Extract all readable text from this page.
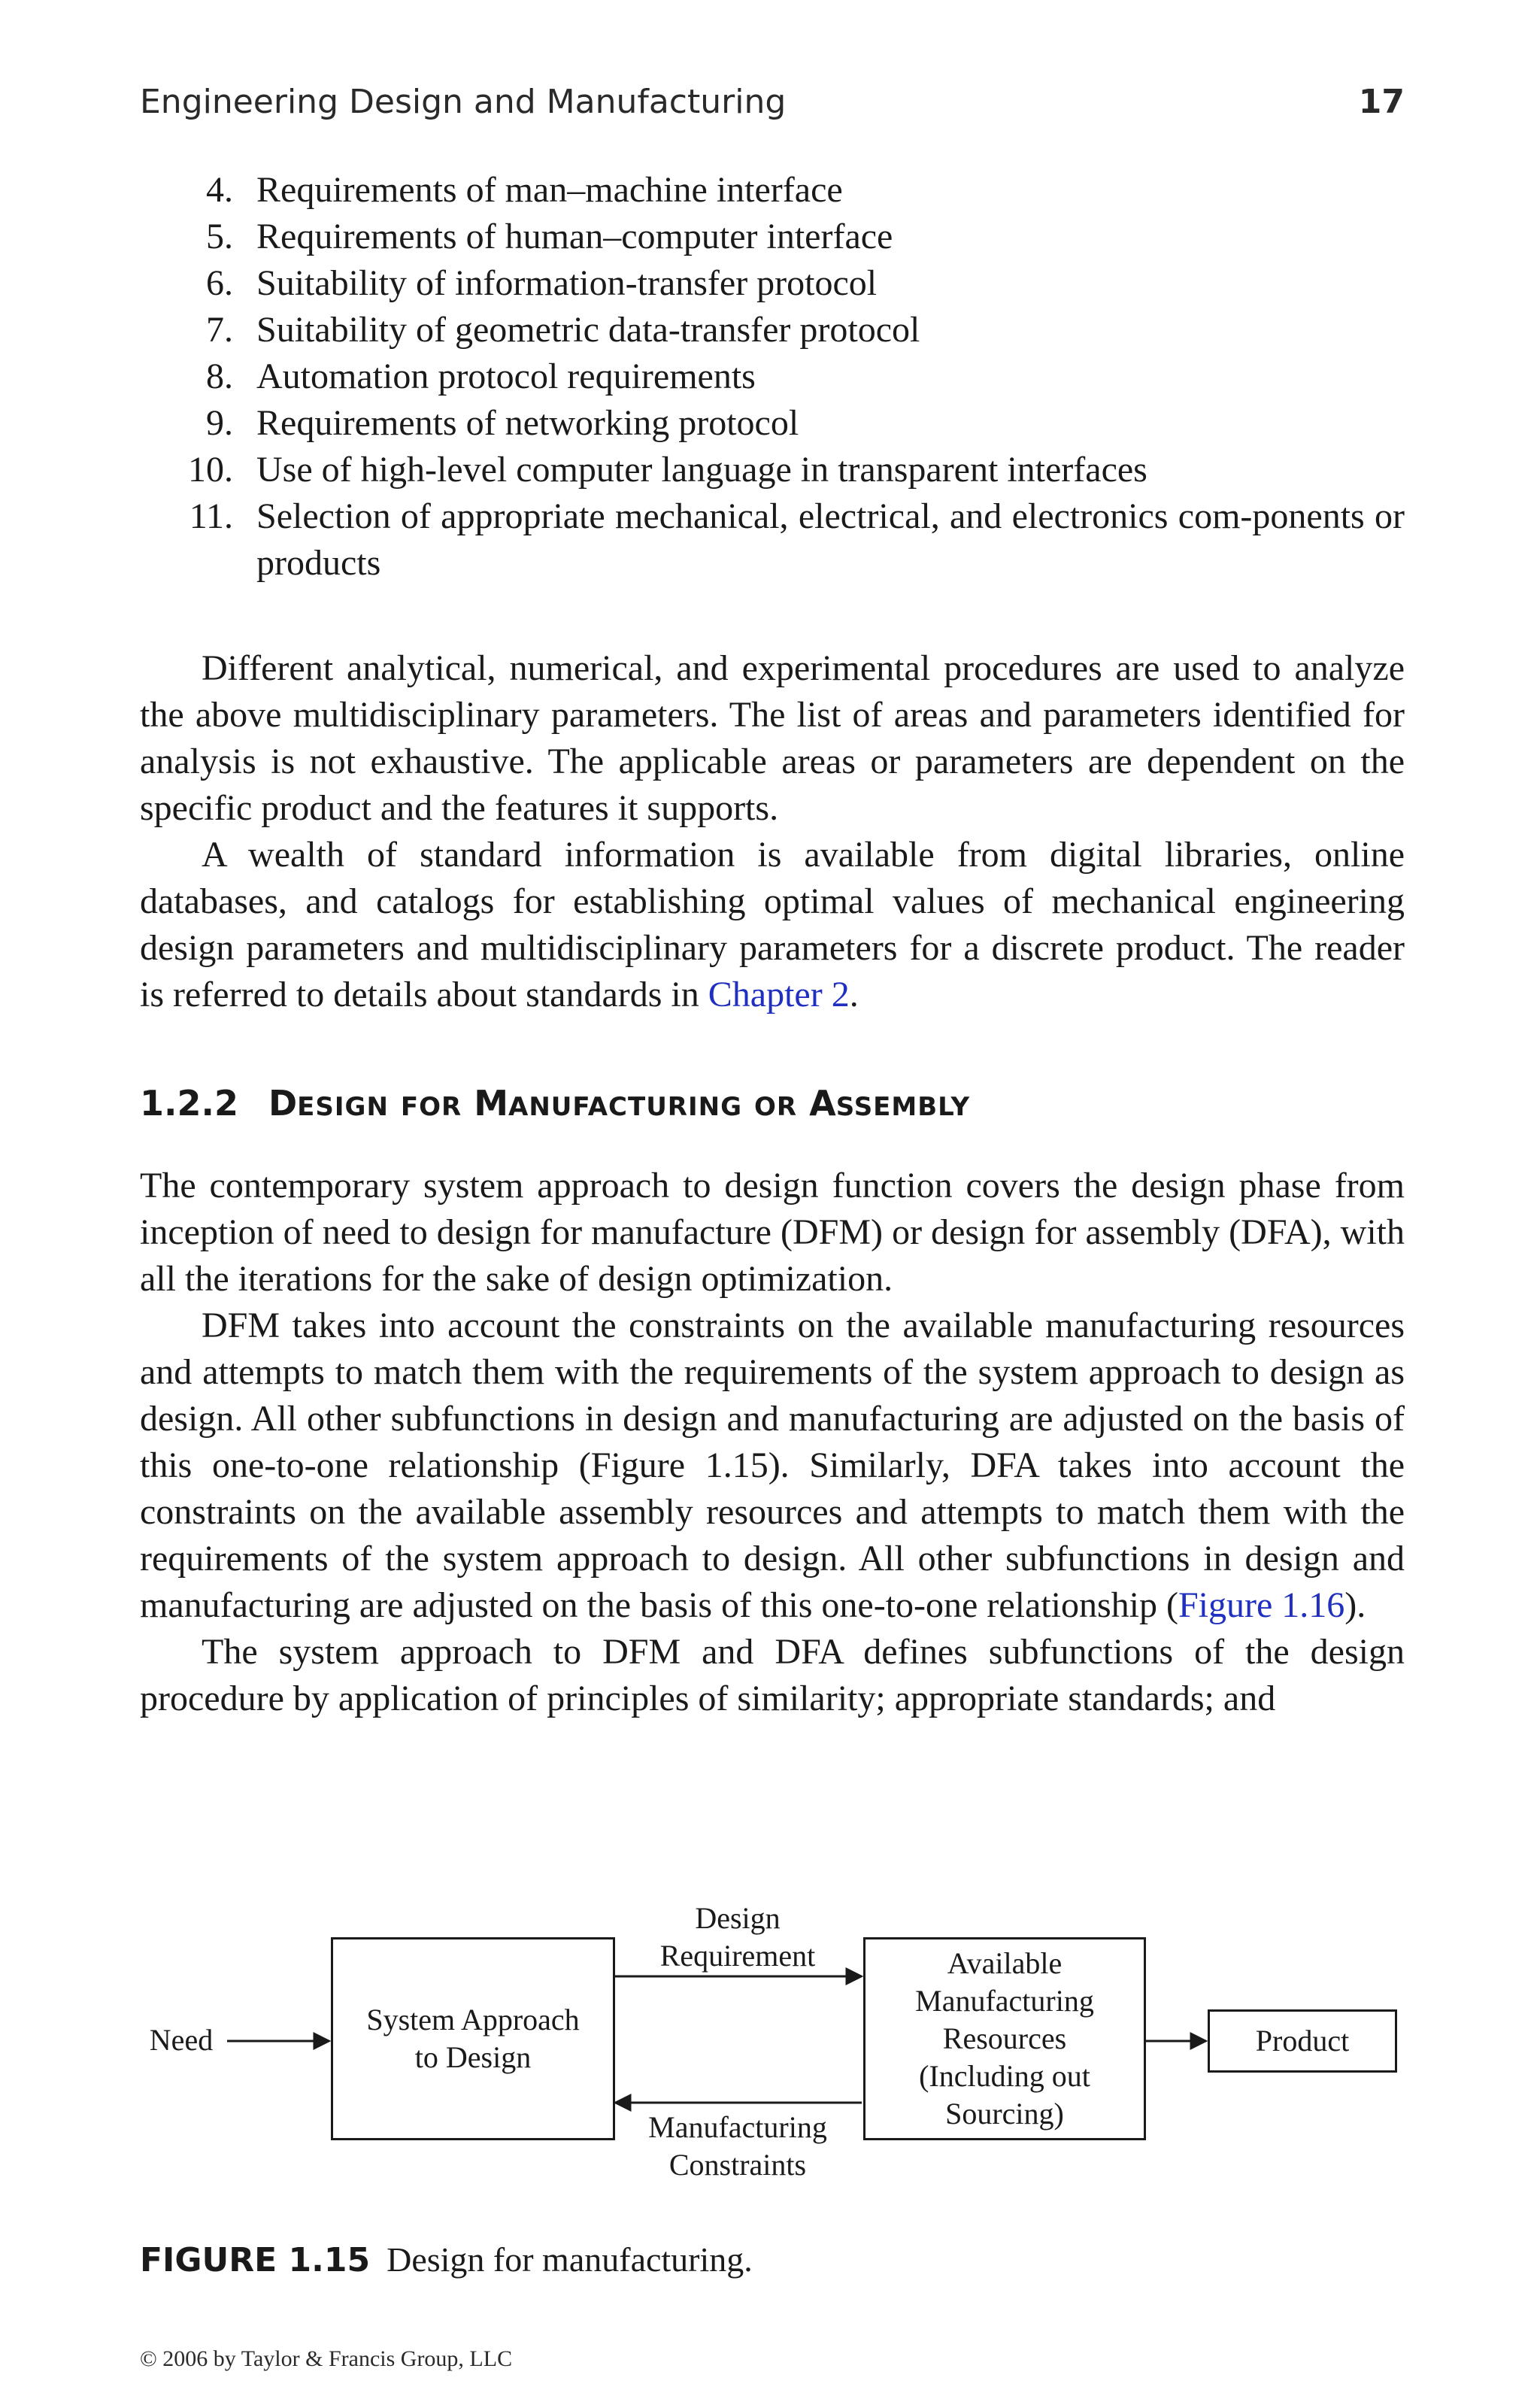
Engineering Design and Manufacturing	17
4. Requirements of man–machine interface
5. Requirements of human–computer interface
6. Suitability of information-transfer protocol
7. Suitability of geometric data-transfer protocol
8. Automation protocol requirements
9. Requirements of networking protocol
10. Use of high-level computer language in transparent interfaces
11. Selection of appropriate mechanical, electrical, and electronics com-ponents or products

Different analytical, numerical, and experimental procedures are used to analyze the above multidisciplinary parameters. The list of areas and parameters identified for analysis is not exhaustive. The applicable areas or parameters are dependent on the specific product and the features it supports.

A wealth of standard information is available from digital libraries, online databases, and catalogs for establishing optimal values of mechanical engineering design parameters and multidisciplinary parameters for a discrete product. The reader is referred to details about standards in Chapter 2.

1.2.2 DESIGN FOR MANUFACTURING OR ASSEMBLY

The contemporary system approach to design function covers the design phase from inception of need to design for manufacture (DFM) or design for assembly (DFA), with all the iterations for the sake of design optimization.

DFM takes into account the constraints on the available manufacturing resources and attempts to match them with the requirements of the system approach to design as design. All other subfunctions in design and manufacturing are adjusted on the basis of this one-to-one relationship (Figure 1.15). Similarly, DFA takes into account the constraints on the available assembly resources and attempts to match them with the requirements of the system approach to design. All other subfunctions in design and manufacturing are adjusted on the basis of this one-to-one relationship (Figure 1.16).

The system approach to DFM and DFA defines subfunctions of the design procedure by application of principles of similarity; appropriate standards; and

Need
System Approach
to Design
Design
Requirement
Manufacturing
Constraints
Available
Manufacturing
Resources
(Including out
Sourcing)
Product
FIGURE 1.15 Design for manufacturing.
© 2006 by Taylor & Francis Group, LLC
